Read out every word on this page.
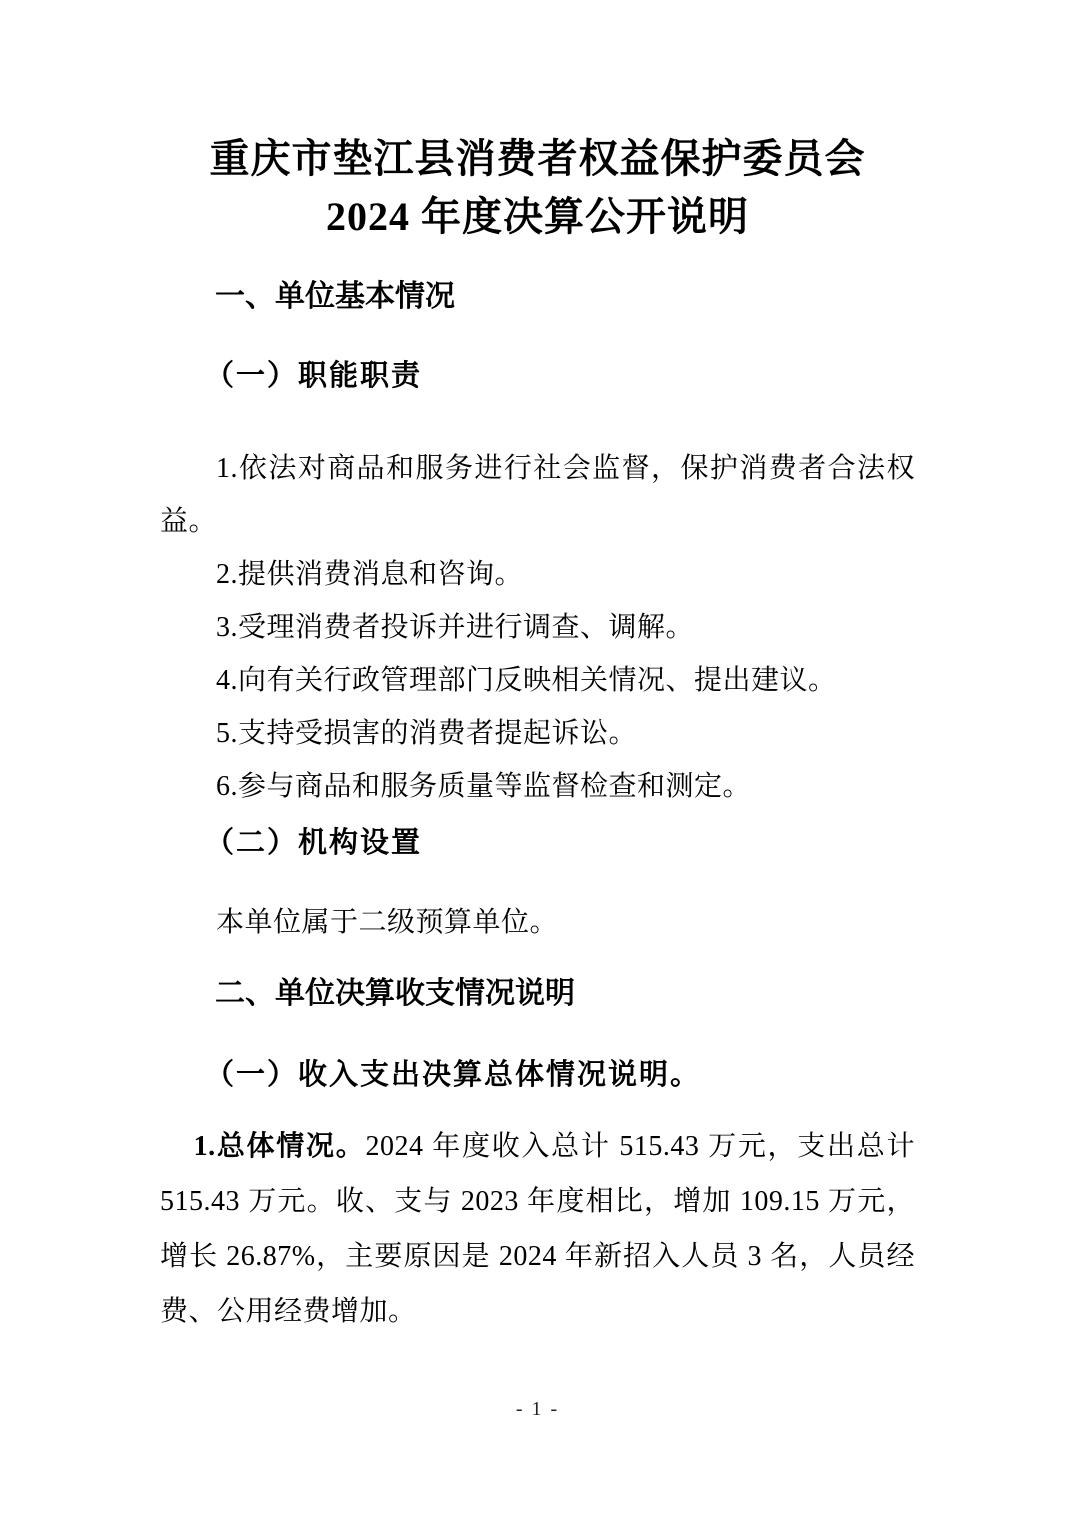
重庆市垫江县消费者权益保护委员会
2024 年度决算公开说明
一、单位基本情况
（一）职能职责

1.依法对商品和服务进行社会监督，保护消费者合法权益。

2.提供消费消息和咨询。

3.受理消费者投诉并进行调查、调解。

4.向有关行政管理部门反映相关情况、提出建议。

5.支持受损害的消费者提起诉讼。

6.参与商品和服务质量等监督检查和测定。

（二）机构设置

本单位属于二级预算单位。

二、单位决算收支情况说明
（一）收入支出决算总体情况说明。

1.总体情况。2024 年度收入总计 515.43 万元，支出总计 515.43 万元。收、支与 2023 年度相比，增加 109.15 万元，增长 26.87%，主要原因是 2024 年新招入人员 3 名，人员经费、公用经费增加。

- 1 -
